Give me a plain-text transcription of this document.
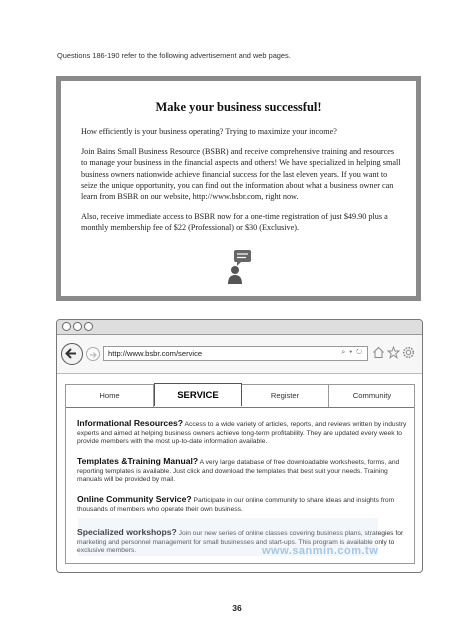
Questions 186-190 refer to the following advertisement and web pages.
Make your business successful!
How efficiently is your business operating? Trying to maximize your income?
Join Bains Small Business Resource (BSBR) and receive comprehensive training and resources to manage your business in the financial aspects and others! We have specialized in helping small business owners nationwide achieve financial success for the last eleven years. If you want to seize the unique opportunity, you can find out the information about what a business owner can learn from BSBR on our website, http://www.bsbr.com, right now.
Also, receive immediate access to BSBR now for a one-time registration of just $49.90 plus a monthly membership fee of $22 (Professional) or $30 (Exclusive).
http://www.bsbr.com/service	⌕ ▾ ↻
Home	SERVICE	Register	Community
Informational Resources? Access to a wide variety of articles, reports, and reviews written by industry experts and aimed at helping business owners achieve long-term profitability. They are updated every week to provide members with the most up-to-date information available.
Templates &Training Manual? A very large database of free downloadable worksheets, forms, and reporting templates is available. Just click and download the templates that best suit your needs. Training manuals will be provided by mail.
Online Community Service? Participate in our online community to share ideas and insights from thousands of members who operate their own business.
Specialized workshops? Join our new series of online classes covering business plans, strategies for marketing and personnel management for small businesses and start-ups. This program is available only to exclusive members.	www.sanmin.com.tw
36
